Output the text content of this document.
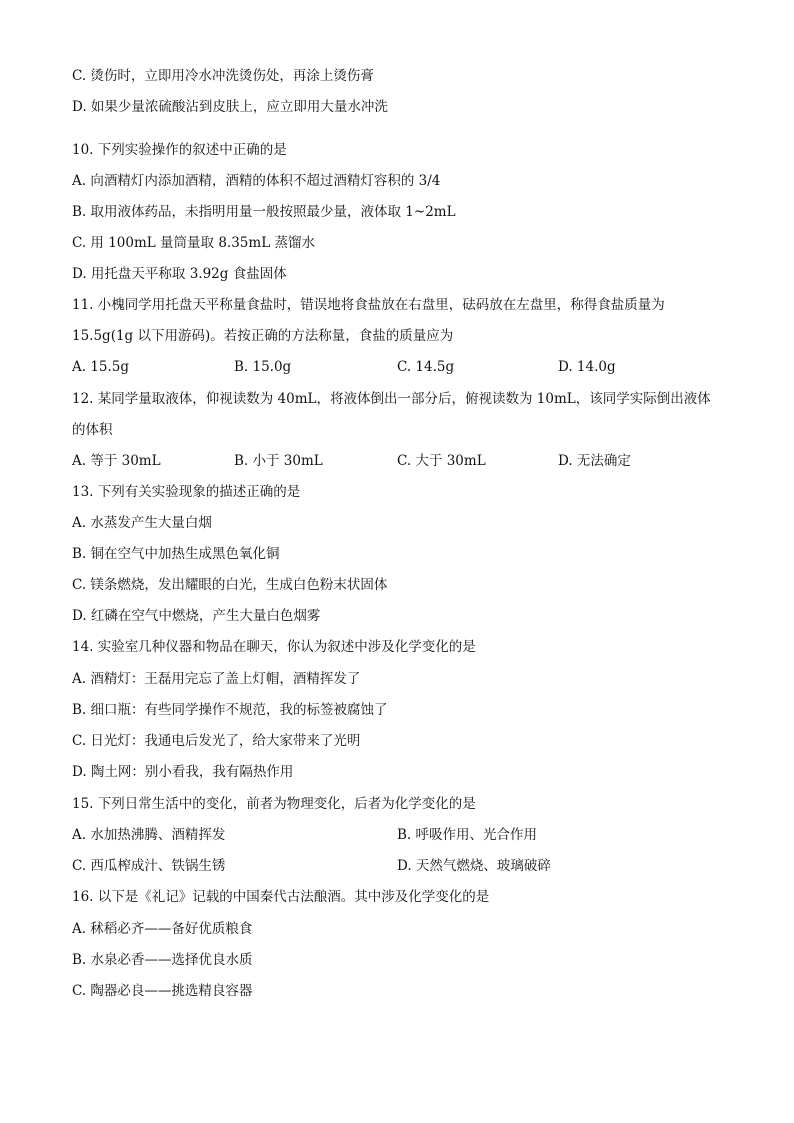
C. 烫伤时，立即用冷水冲洗烫伤处，再涂上烫伤膏
D. 如果少量浓硫酸沾到皮肤上，应立即用大量水冲洗
10. 下列实验操作的叙述中正确的是
A. 向酒精灯内添加酒精，酒精的体积不超过酒精灯容积的 3/4
B. 取用液体药品，未指明用量一般按照最少量，液体取 1~2mL
C. 用 100mL 量筒量取 8.35mL 蒸馏水
D. 用托盘天平称取 3.92g 食盐固体
11. 小槐同学用托盘天平称量食盐时，错误地将食盐放在右盘里，砝码放在左盘里，称得食盐质量为
15.5g(1g 以下用游码)。若按正确的方法称量，食盐的质量应为
A. 15.5g	B. 15.0g	C. 14.5g	D. 14.0g
12. 某同学量取液体，仰视读数为 40mL，将液体倒出一部分后，俯视读数为 10mL，该同学实际倒出液体
的体积
A. 等于 30mL	B. 小于 30mL	C. 大于 30mL	D. 无法确定
13. 下列有关实验现象的描述正确的是
A. 水蒸发产生大量白烟
B. 铜在空气中加热生成黑色氧化铜
C. 镁条燃烧，发出耀眼的白光，生成白色粉末状固体
D. 红磷在空气中燃烧，产生大量白色烟雾
14. 实验室几种仪器和物品在聊天，你认为叙述中涉及化学变化的是
A. 酒精灯：王磊用完忘了盖上灯帽，酒精挥发了
B. 细口瓶：有些同学操作不规范，我的标签被腐蚀了
C. 日光灯：我通电后发光了，给大家带来了光明
D. 陶土网：别小看我，我有隔热作用
15. 下列日常生活中的变化，前者为物理变化，后者为化学变化的是
A. 水加热沸腾、酒精挥发	B. 呼吸作用、光合作用
C. 西瓜榨成汁、铁锅生锈	D. 天然气燃烧、玻璃破碎
16. 以下是《礼记》记载的中国秦代古法酿酒。其中涉及化学变化的是
A. 秫稻必齐——备好优质粮食
B. 水泉必香——选择优良水质
C. 陶器必良——挑选精良容器
